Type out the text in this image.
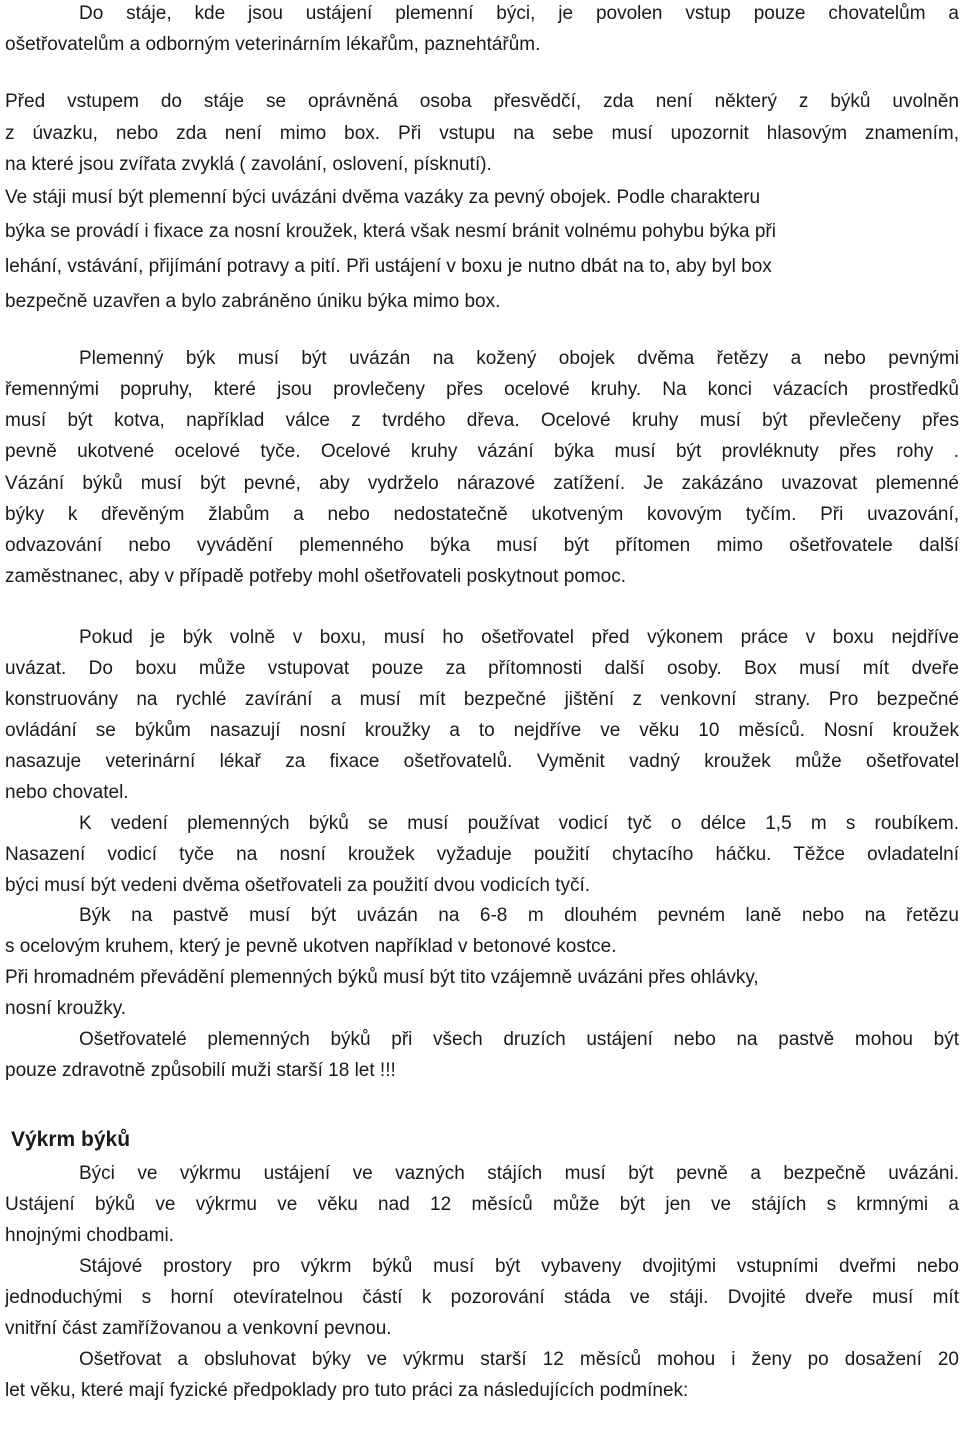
Do stáje, kde jsou ustájení plemenní býci, je povolen vstup pouze chovatelům a
ošetřovatelům a odborným veterinárním lékařům, paznehtářům.
Před vstupem do stáje se oprávněná osoba přesvědčí, zda není některý z býků uvolněn
z úvazku, nebo zda není mimo box. Při vstupu na sebe musí upozornit hlasovým znamením,
na které jsou zvířata zvyklá ( zavolání, oslovení, písknutí).
Ve stáji musí být plemenní býci uvázáni dvěma vazáky za pevný obojek. Podle charakteru
býka se provádí i fixace za nosní kroužek, která však nesmí bránit volnému pohybu býka při
lehání, vstávání, přijímání potravy a pití. Při ustájení v boxu je nutno dbát na to, aby byl box
bezpečně uzavřen a bylo zabráněno úniku býka mimo box.
Plemenný býk musí být uvázán na kožený obojek dvěma řetězy a nebo pevnými
řemennými popruhy, které jsou provlečeny přes ocelové kruhy. Na konci vázacích prostředků
musí být kotva, například válce z tvrdého dřeva. Ocelové kruhy musí být převlečeny přes
pevně ukotvené ocelové tyče. Ocelové kruhy vázání býka musí být provléknuty přes rohy .
Vázání býků musí být pevné, aby vydrželo nárazové zatížení. Je zakázáno uvazovat plemenné
býky k dřevěným žlabům a nebo nedostatečně ukotveným kovovým tyčím. Při uvazování,
odvazování nebo vyvádění plemenného býka musí být přítomen mimo ošetřovatele další
zaměstnanec, aby v případě potřeby mohl ošetřovateli poskytnout pomoc.
Pokud je býk volně v boxu, musí ho ošetřovatel před výkonem práce v boxu nejdříve
uvázat. Do boxu může vstupovat pouze za přítomnosti další osoby. Box musí mít dveře
konstruovány na rychlé zavírání a musí mít bezpečné jištění z venkovní strany. Pro bezpečné
ovládání se býkům nasazují nosní kroužky a to nejdříve ve věku 10 měsíců. Nosní kroužek
nasazuje veterinární lékař za fixace ošetřovatelů. Vyměnit vadný kroužek může ošetřovatel
nebo chovatel.
K vedení plemenných býků se musí používat vodicí tyč o délce 1,5 m s roubíkem.
Nasazení vodicí tyče na nosní kroužek vyžaduje použití chytacího háčku. Těžce ovladatelní
býci musí být vedeni dvěma ošetřovateli za použití dvou vodicích tyčí.
Býk na pastvě musí být uvázán na 6-8 m dlouhém pevném laně nebo na řetězu
s ocelovým kruhem, který je pevně ukotven například v betonové kostce.
Při hromadném převádění plemenných býků musí být tito vzájemně uvázáni přes ohlávky,
nosní kroužky.
Ošetřovatelé plemenných býků při všech druzích ustájení nebo na pastvě mohou být
pouze zdravotně způsobilí muži starší 18 let !!!
Výkrm býků
Býci ve výkrmu ustájení ve vazných stájích musí být pevně a bezpečně uvázáni.
Ustájení býků ve výkrmu ve věku nad 12 měsíců může být jen ve stájích s krmnými a
hnojnými chodbami.
Stájové prostory pro výkrm býků musí být vybaveny dvojitými vstupními dveřmi nebo
jednoduchými s horní otevíratelnou částí k pozorování stáda ve stáji. Dvojité dveře musí mít
vnitřní část zamřížovanou a venkovní pevnou.
Ošetřovat a obsluhovat býky ve výkrmu starší 12 měsíců mohou i ženy po dosažení 20
let věku, které mají fyzické předpoklady pro tuto práci za následujících podmínek:
